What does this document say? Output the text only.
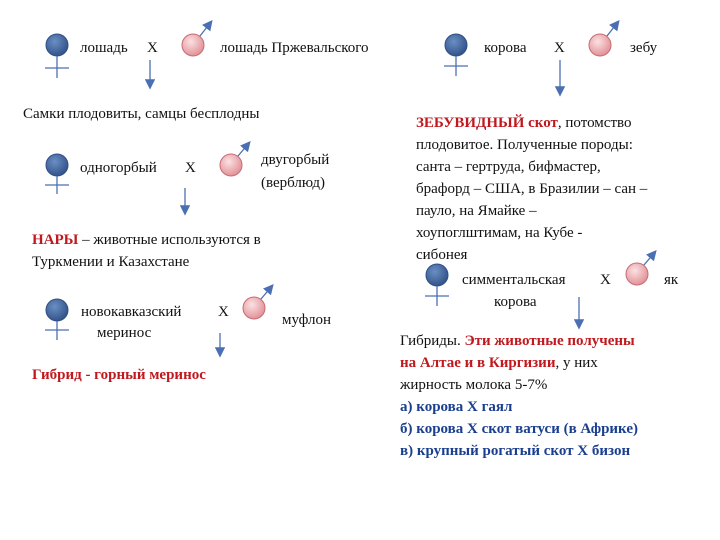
лошадь Х	лошадь Пржевальского
Самки плодовиты, самцы бесплодны
одногорбый Х	двугорбый
(верблюд)
НАРЫ – животные используются в
Туркмении и Казахстане
новокавказский Х
меринос
муфлон
Гибрид - горный меринос
корова Х	зебу
ЗЕБУВИДНЫЙ скот, потомство
плодовитое. Полученные породы:
санта – гертруда, бифмастер,
брафорд – США, в Бразилии – сан –
пауло, на Ямайке –
хоупоглштимам, на Кубе -
сибонея
симментальская Х
корова
як
Гибриды. Эти животные получены
на Алтае и в Киргизии, у них
жирность молока 5-7%
а) корова Х гаял
б) корова Х скот ватуси (в Африке)
в) крупный рогатый скот Х бизон
